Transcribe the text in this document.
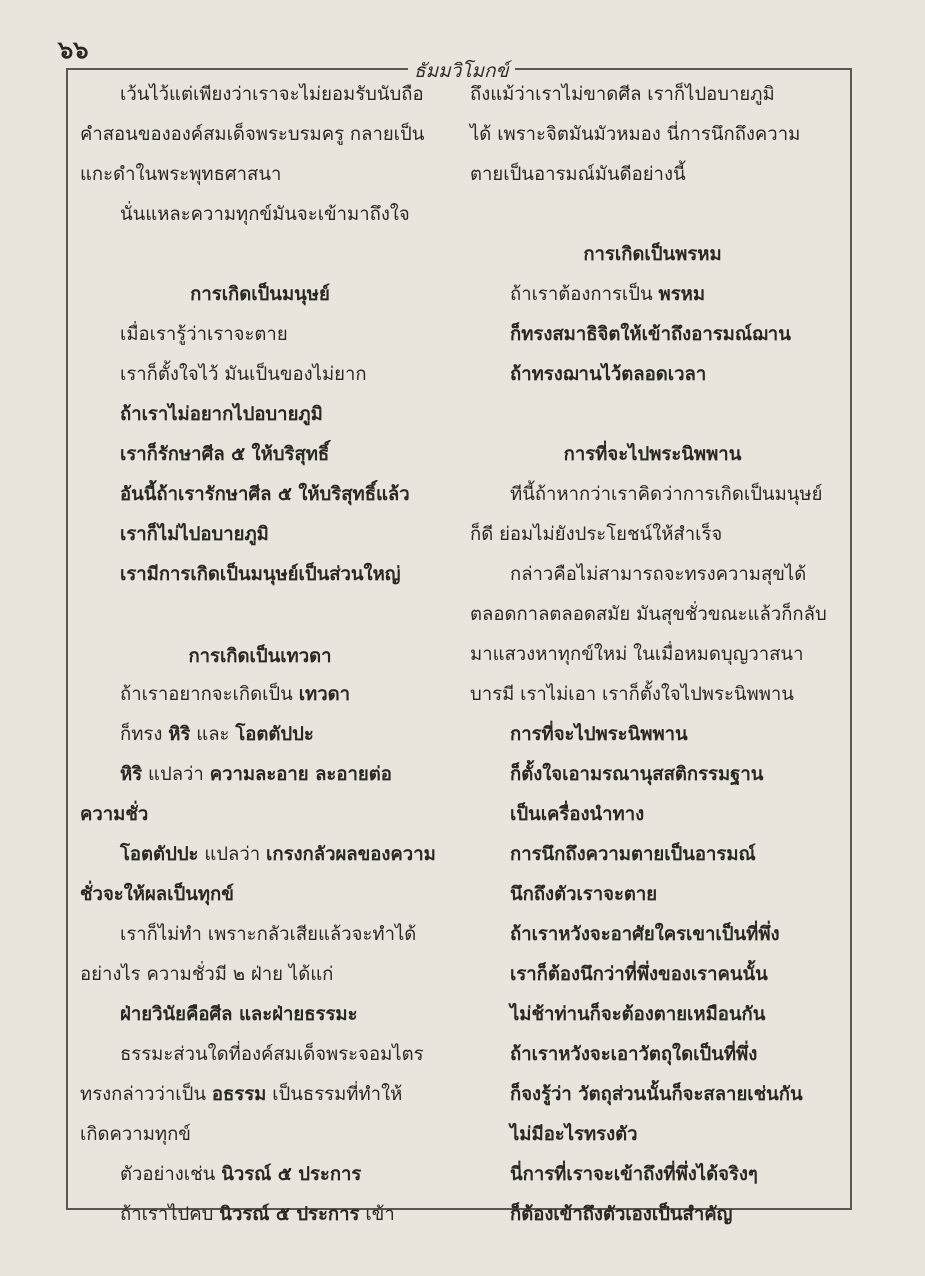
๖๖
ธัมมวิโมกข์
เว้นไว้แต่เพียงว่าเราจะไม่ยอมรับนับถือ
คำสอนขององค์สมเด็จพระบรมครู กลายเป็น
แกะดำในพระพุทธศาสนา
นั่นแหละความทุกข์มันจะเข้ามาถึงใจ
การเกิดเป็นมนุษย์
เมื่อเรารู้ว่าเราจะตาย
เราก็ตั้งใจไว้ มันเป็นของไม่ยาก
ถ้าเราไม่อยากไปอบายภูมิ
เราก็รักษาศีล ๕ ให้บริสุทธิ์
อันนี้ถ้าเรารักษาศีล ๕ ให้บริสุทธิ์แล้ว
เราก็ไม่ไปอบายภูมิ
เรามีการเกิดเป็นมนุษย์เป็นส่วนใหญ่
การเกิดเป็นเทวดา
ถ้าเราอยากจะเกิดเป็น เทวดา
ก็ทรง หิริ และ โอตตัปปะ
หิริ แปลว่า ความละอาย ละอายต่อ
ความชั่ว
โอตตัปปะ แปลว่า เกรงกลัวผลของความ
ชั่วจะให้ผลเป็นทุกข์
เราก็ไม่ทำ เพราะกลัวเสียแล้วจะทำได้
อย่างไร ความชั่วมี ๒ ฝ่าย ได้แก่
ฝ่ายวินัยคือศีล และฝ่ายธรรมะ
ธรรมะส่วนใดที่องค์สมเด็จพระจอมไตร
ทรงกล่าวว่าเป็น อธรรม เป็นธรรมที่ทำให้
เกิดความทุกข์
ตัวอย่างเช่น นิวรณ์ ๕ ประการ
ถ้าเราไปคบ นิวรณ์ ๕ ประการ เข้า
ถึงแม้ว่าเราไม่ขาดศีล เราก็ไปอบายภูมิ
ได้ เพราะจิตมันมัวหมอง นี่การนึกถึงความ
ตายเป็นอารมณ์มันดีอย่างนี้
การเกิดเป็นพรหม
ถ้าเราต้องการเป็น พรหม
ก็ทรงสมาธิจิตให้เข้าถึงอารมณ์ฌาน
ถ้าทรงฌานไว้ตลอดเวลา
การที่จะไปพระนิพพาน
ทีนี้ถ้าหากว่าเราคิดว่าการเกิดเป็นมนุษย์
ก็ดี ย่อมไม่ยังประโยชน์ให้สำเร็จ
กล่าวคือไม่สามารถจะทรงความสุขได้
ตลอดกาลตลอดสมัย มันสุขชั่วขณะแล้วก็กลับ
มาแสวงหาทุกข์ใหม่ ในเมื่อหมดบุญวาสนา
บารมี เราไม่เอา เราก็ตั้งใจไปพระนิพพาน
การที่จะไปพระนิพพาน
ก็ตั้งใจเอามรณานุสสติกรรมฐาน
เป็นเครื่องนำทาง
การนึกถึงความตายเป็นอารมณ์
นึกถึงตัวเราจะตาย
ถ้าเราหวังจะอาศัยใครเขาเป็นที่พึ่ง
เราก็ต้องนึกว่าที่พึ่งของเราคนนั้น
ไม่ช้าท่านก็จะต้องตายเหมือนกัน
ถ้าเราหวังจะเอาวัตถุใดเป็นที่พึ่ง
ก็จงรู้ว่า วัตถุส่วนนั้นก็จะสลายเช่นกัน
ไม่มีอะไรทรงตัว
นี่การที่เราจะเข้าถึงที่พึ่งได้จริงๆ
ก็ต้องเข้าถึงตัวเองเป็นสำคัญ
